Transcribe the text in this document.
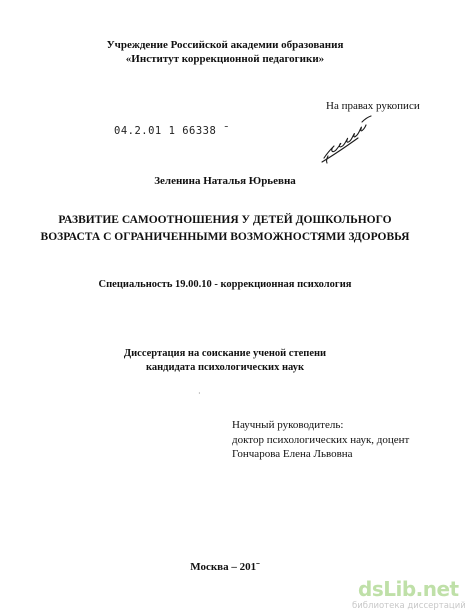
Учреждение Российской академии образования
«Институт коррекционной педагогики»
На правах рукописи
04.2.01 1 66338 ˉ
Зеленина Наталья Юрьевна
РАЗВИТИЕ САМООТНОШЕНИЯ У ДЕТЕЙ ДОШКОЛЬНОГО
ВОЗРАСТА С ОГРАНИЧЕННЫМИ ВОЗМОЖНОСТЯМИ ЗДОРОВЬЯ
Специальность 19.00.10 - коррекционная психология
Диссертация на соискание ученой степени
кандидата психологических наук
·
Научный руководитель:
доктор психологических наук, доцент
Гончарова Елена Львовна
Москва – 201ˉ
dsLib.net
библиотека диссертаций
